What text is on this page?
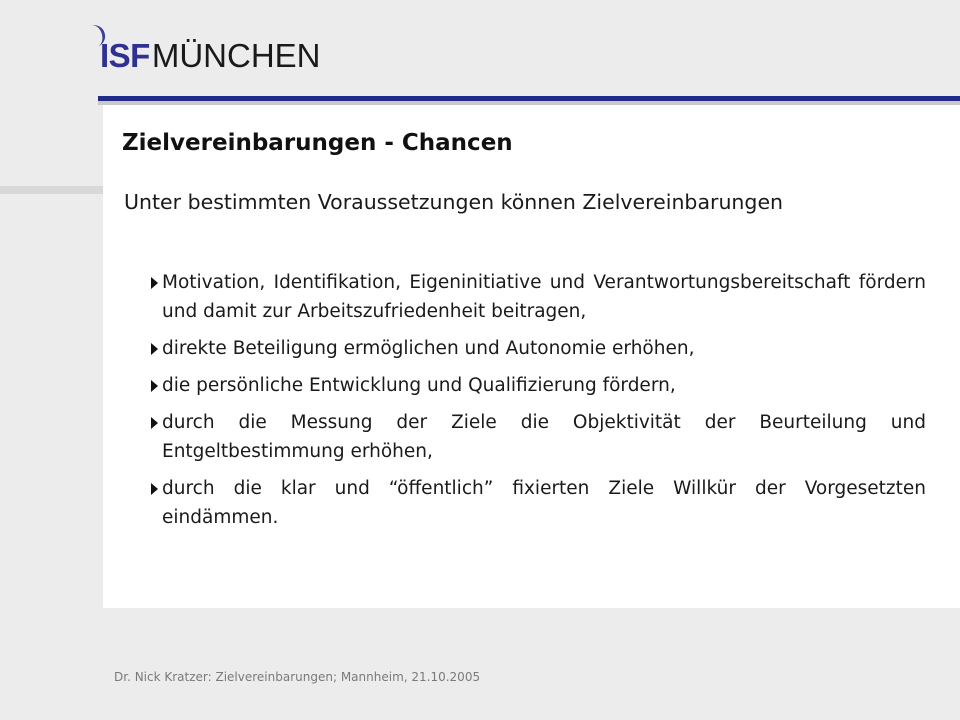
ISF MÜNCHEN
Zielvereinbarungen - Chancen

Unter bestimmten Voraussetzungen können Zielvereinbarungen

Motivation, Identifikation, Eigeninitiative und Verantwortungsbereitschaft fördern und damit zur Arbeitszufriedenheit beitragen,
direkte Beteiligung ermöglichen und Autonomie erhöhen,
die persönliche Entwicklung und Qualifizierung fördern,
durch die Messung der Ziele die Objektivität der Beurteilung und Entgeltbestimmung erhöhen,
durch die klar und “öffentlich” fixierten Ziele Willkür der Vorgesetzten eindämmen.
Dr. Nick Kratzer: Zielvereinbarungen; Mannheim, 21.10.2005
